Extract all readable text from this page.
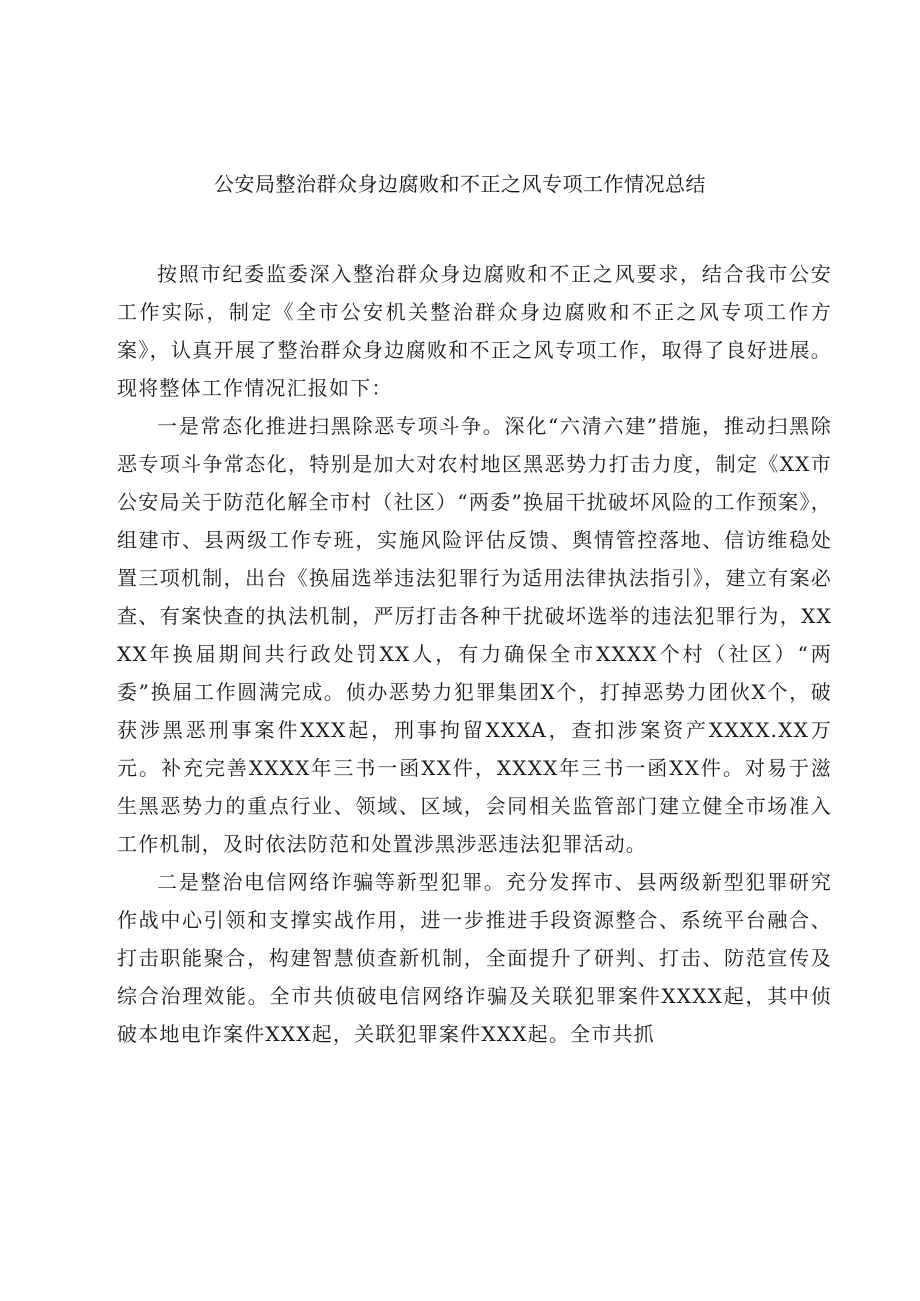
公安局整治群众身边腐败和不正之风专项工作情况总结

按照市纪委监委深入整治群众身边腐败和不正之风要求，结合我市公安工作实际，制定《全市公安机关整治群众身边腐败和不正之风专项工作方案》，认真开展了整治群众身边腐败和不正之风专项工作，取得了良好进展。现将整体工作情况汇报如下：

一是常态化推进扫黑除恶专项斗争。深化“六清六建”措施，推动扫黑除恶专项斗争常态化，特别是加大对农村地区黑恶势力打击力度，制定《XX市公安局关于防范化解全市村（社区）“两委”换届干扰破坏风险的工作预案》，组建市、县两级工作专班，实施风险评估反馈、舆情管控落地、信访维稳处置三项机制，出台《换届选举违法犯罪行为适用法律执法指引》，建立有案必查、有案快查的执法机制，严厉打击各种干扰破坏选举的违法犯罪行为，XXXX年换届期间共行政处罚XX人，有力确保全市XXXX个村（社区）“两委”换届工作圆满完成。侦办恶势力犯罪集团X个，打掉恶势力团伙X个，破获涉黑恶刑事案件XXX起，刑事拘留XXXA，查扣涉案资产XXXX.XX万元。补充完善XXXX年三书一函XX件，XXXX年三书一函XX件。对易于滋生黑恶势力的重点行业、领域、区域，会同相关监管部门建立健全市场准入工作机制，及时依法防范和处置涉黑涉恶违法犯罪活动。

二是整治电信网络诈骗等新型犯罪。充分发挥市、县两级新型犯罪研究作战中心引领和支撑实战作用，进一步推进手段资源整合、系统平台融合、打击职能聚合，构建智慧侦查新机制，全面提升了研判、打击、防范宣传及综合治理效能。全市共侦破电信网络诈骗及关联犯罪案件XXXX起，其中侦破本地电诈案件XXX起，关联犯罪案件XXX起。全市共抓
